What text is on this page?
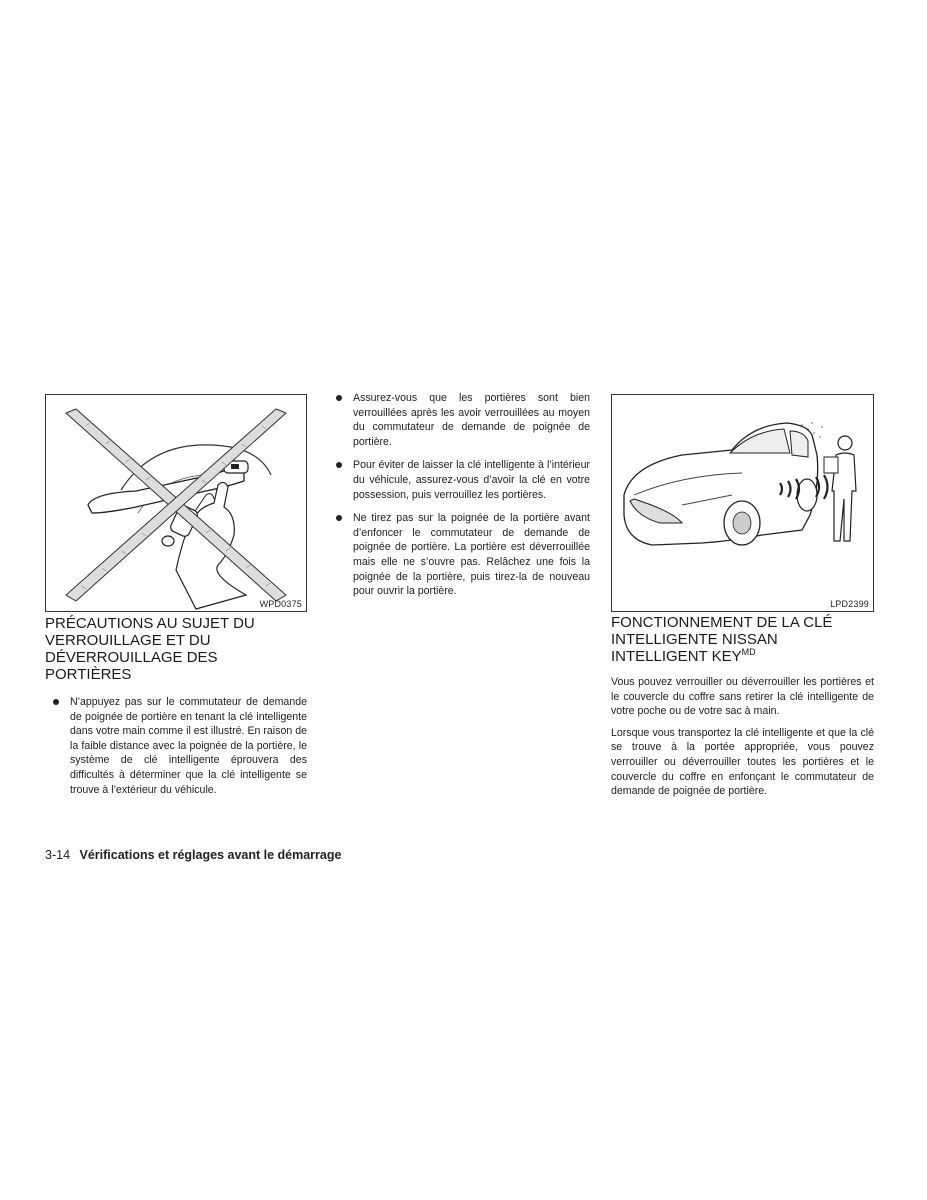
WPD0375	LPD2399
PRÉCAUTIONS AU SUJET DU VERROUILLAGE ET DU DÉVERROUILLAGE DES PORTIÈRES
N’appuyez pas sur le commutateur de demande de poignée de portière en tenant la clé intelligente dans votre main comme il est illustré. En raison de la faible distance avec la poignée de la portière, le système de clé intelligente éprouvera des difficultés à déterminer que la clé intelligente se trouve à l’extérieur du véhicule.
Assurez-vous que les portières sont bien verrouillées après les avoir verrouillées au moyen du commutateur de demande de poignée de portière.
Pour éviter de laisser la clé intelligente à l’intérieur du véhicule, assurez-vous d’avoir la clé en votre possession, puis verrouillez les portières.
Ne tirez pas sur la poignée de la portière avant d’enfoncer le commutateur de demande de poignée de portière. La portière est déverrouillée mais elle ne s’ouvre pas. Relâchez une fois la poignée de la portière, puis tirez-la de nouveau pour ouvrir la portière.
FONCTIONNEMENT DE LA CLÉ INTELLIGENTE NISSAN INTELLIGENT $KEY^{MD}$

Vous pouvez verrouiller ou déverrouiller les portières et le couvercle du coffre sans retirer la clé intelligente de votre poche ou de votre sac à main.

Lorsque vous transportez la clé intelligente et que la clé se trouve à la portée appropriée, vous pouvez verrouiller ou déverrouiller toutes les portières et le couvercle du coffre en enfonçant le commutateur de demande de poignée de portière.

3-14 Vérifications et réglages avant le démarrage
